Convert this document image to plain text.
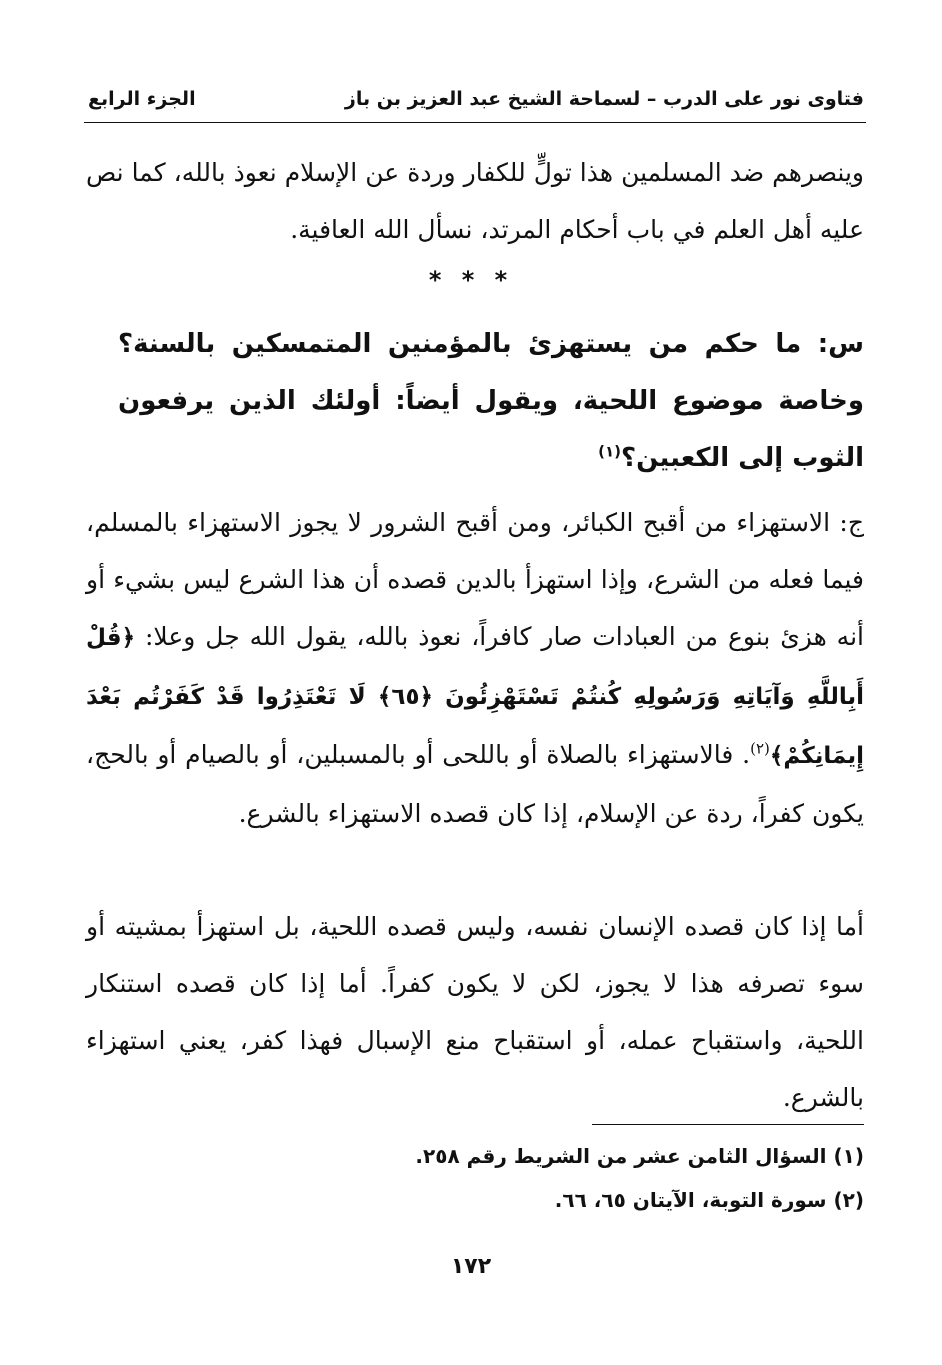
فتاوى نور على الدرب – لسماحة الشيخ عبد العزيز بن باز
الجزء الرابع

وينصرهم ضد المسلمين هذا تولٍّ للكفار وردة عن الإسلام نعوذ بالله، كما نص عليه أهل العلم في باب أحكام المرتد، نسأل الله العافية.

* * *

س: ما حكم من يستهزئ بالمؤمنين المتمسكين بالسنة؟ وخاصة موضوع اللحية، ويقول أيضاً: أولئك الذين يرفعون الثوب إلى الكعبين؟$^{(١)}$

ج: الاستهزاء من أقبح الكبائر، ومن أقبح الشرور لا يجوز الاستهزاء بالمسلم، فيما فعله من الشرع، وإذا استهزأ بالدين قصده أن هذا الشرع ليس بشيء أو أنه هزئ بنوع من العبادات صار كافراً، نعوذ بالله، يقول الله جل وعلا: ﴿قُلْ أَبِاللَّهِ وَآيَاتِهِ وَرَسُولِهِ كُنتُمْ تَسْتَهْزِئُونَ ﴿٦٥﴾ لَا تَعْتَذِرُوا قَدْ كَفَرْتُم بَعْدَ إِيمَانِكُمْ﴾$^{(٢)}$. فالاستهزاء بالصلاة أو باللحى أو بالمسبلين، أو بالصيام أو بالحج، يكون كفراً، ردة عن الإسلام، إذا كان قصده الاستهزاء بالشرع.

أما إذا كان قصده الإنسان نفسه، وليس قصده اللحية، بل استهزأ بمشيته أو سوء تصرفه هذا لا يجوز، لكن لا يكون كفراً. أما إذا كان قصده استنكار اللحية، واستقباح عمله، أو استقباح منع الإسبال فهذا كفر، يعني استهزاء بالشرع.

(١) السؤال الثامن عشر من الشريط رقم ٢٥٨.
(٢) سورة التوبة، الآيتان ٦٥، ٦٦.
١٧٢
